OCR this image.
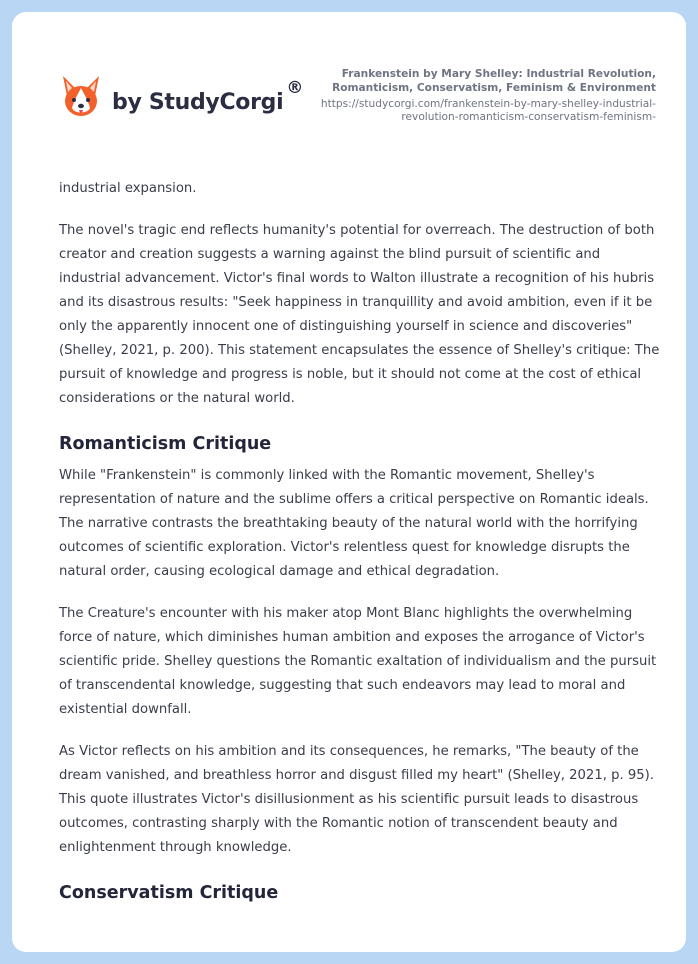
by StudyCorgi®
Frankenstein by Mary Shelley: Industrial Revolution, Romanticism, Conservatism, Feminism & Environment
https://studycorgi.com/frankenstein-by-mary-shelley-industrial-revolution-romanticism-conservatism-feminism-

industrial expansion.

The novel's tragic end reflects humanity's potential for overreach. The destruction of both creator and creation suggests a warning against the blind pursuit of scientific and industrial advancement. Victor's final words to Walton illustrate a recognition of his hubris and its disastrous results: "Seek happiness in tranquillity and avoid ambition, even if it be only the apparently innocent one of distinguishing yourself in science and discoveries" (Shelley, 2021, p. 200). This statement encapsulates the essence of Shelley's critique: The pursuit of knowledge and progress is noble, but it should not come at the cost of ethical considerations or the natural world.

Romanticism Critique

While "Frankenstein" is commonly linked with the Romantic movement, Shelley's representation of nature and the sublime offers a critical perspective on Romantic ideals. The narrative contrasts the breathtaking beauty of the natural world with the horrifying outcomes of scientific exploration. Victor's relentless quest for knowledge disrupts the natural order, causing ecological damage and ethical degradation.

The Creature's encounter with his maker atop Mont Blanc highlights the overwhelming force of nature, which diminishes human ambition and exposes the arrogance of Victor's scientific pride. Shelley questions the Romantic exaltation of individualism and the pursuit of transcendental knowledge, suggesting that such endeavors may lead to moral and existential downfall.

As Victor reflects on his ambition and its consequences, he remarks, "The beauty of the dream vanished, and breathless horror and disgust filled my heart" (Shelley, 2021, p. 95). This quote illustrates Victor's disillusionment as his scientific pursuit leads to disastrous outcomes, contrasting sharply with the Romantic notion of transcendent beauty and enlightenment through knowledge.

Conservatism Critique
